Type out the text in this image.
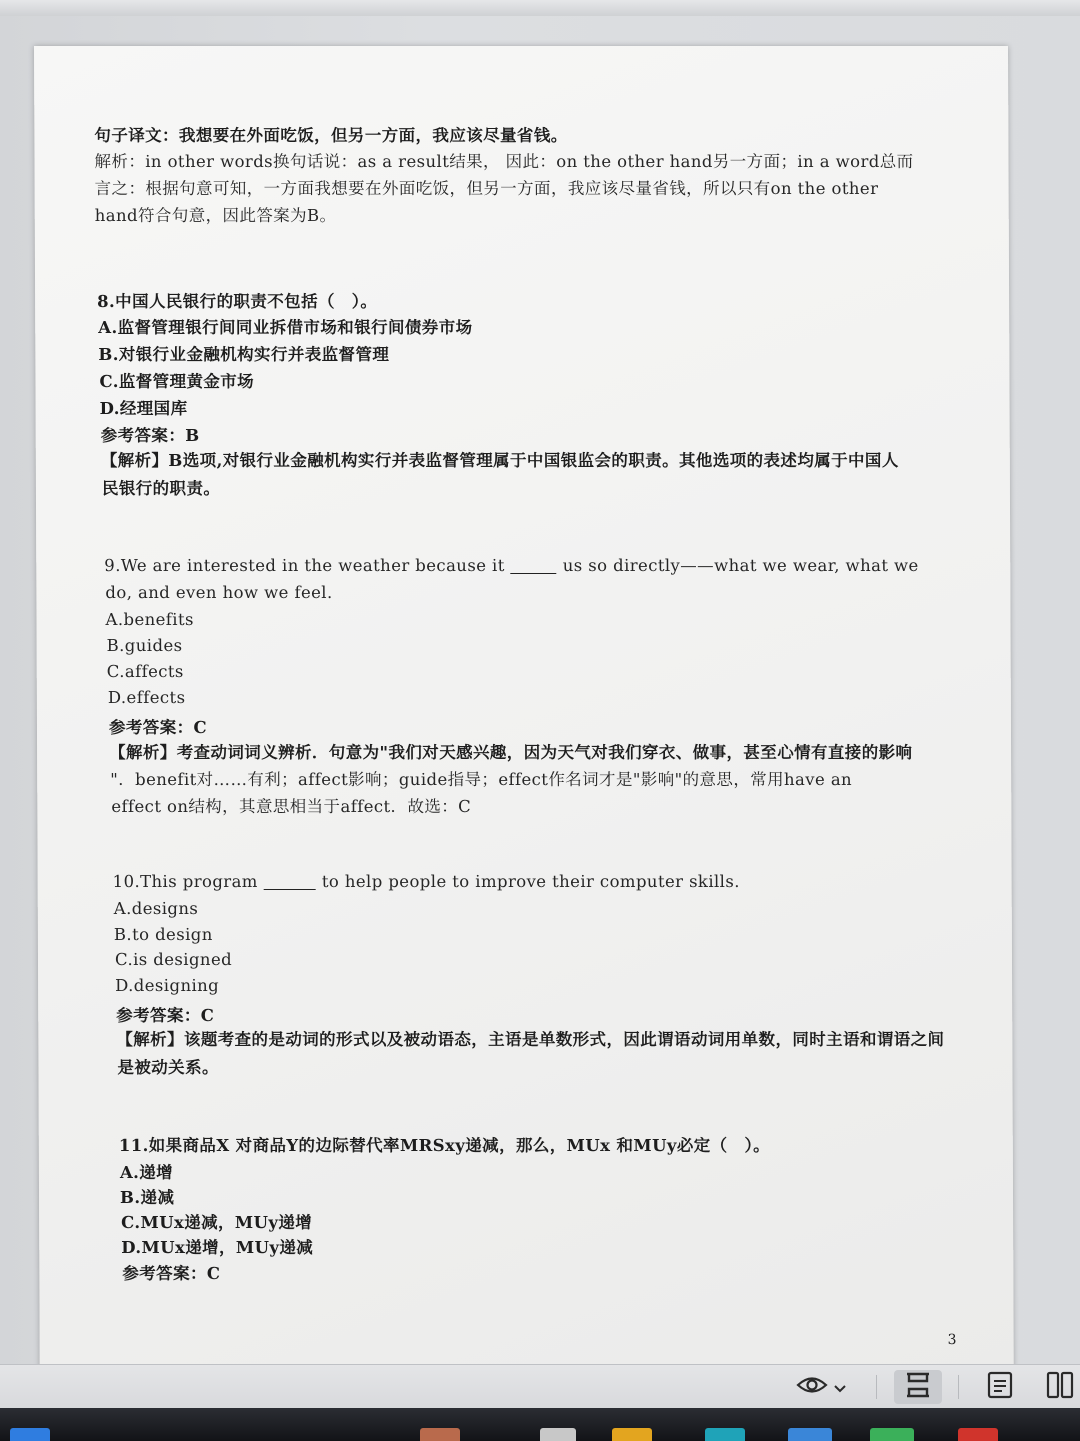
句子译文：我想要在外面吃饭，但另一方面，我应该尽量省钱。
解析：in other words换句话说：as a result结果， 因此：on the other hand另一方面；in a word总而
言之：根据句意可知，一方面我想要在外面吃饭，但另一方面，我应该尽量省钱，所以只有on the other
hand符合句意，因此答案为B。
8.中国人民银行的职责不包括（　）。
A.监督管理银行间同业拆借市场和银行间债券市场
B.对银行业金融机构实行并表监督管理
C.监督管理黄金市场
D.经理国库
参考答案：B
【解析】B选项,对银行业金融机构实行并表监督管理属于中国银监会的职责。其他选项的表述均属于中国人
民银行的职责。
9.We are interested in the weather because it	us so directly——what we wear, what we
do, and even how we feel.
A.benefits
B.guides
C.affects
D.effects
参考答案：C
【解析】考查动词词义辨析．句意为"我们对天感兴趣，因为天气对我们穿衣、做事，甚至心情有直接的影响
"．benefit对……有利；affect影响；guide指导；effect作名词才是"影响"的意思，常用have an
effect on结构，其意思相当于affect．故选：C
10.This program	to help people to improve their computer skills.
A.designs
B.to design
C.is designed
D.designing
参考答案：C
【解析】该题考查的是动词的形式以及被动语态，主语是单数形式，因此谓语动词用单数，同时主语和谓语之间
是被动关系。
11.如果商品X 对商品Y的边际替代率MRSxy递减，那么，MUx 和MUy必定（　）。
A.递增
B.递减
C.MUx递减，MUy递增
D.MUx递增，MUy递减
参考答案：C
3
